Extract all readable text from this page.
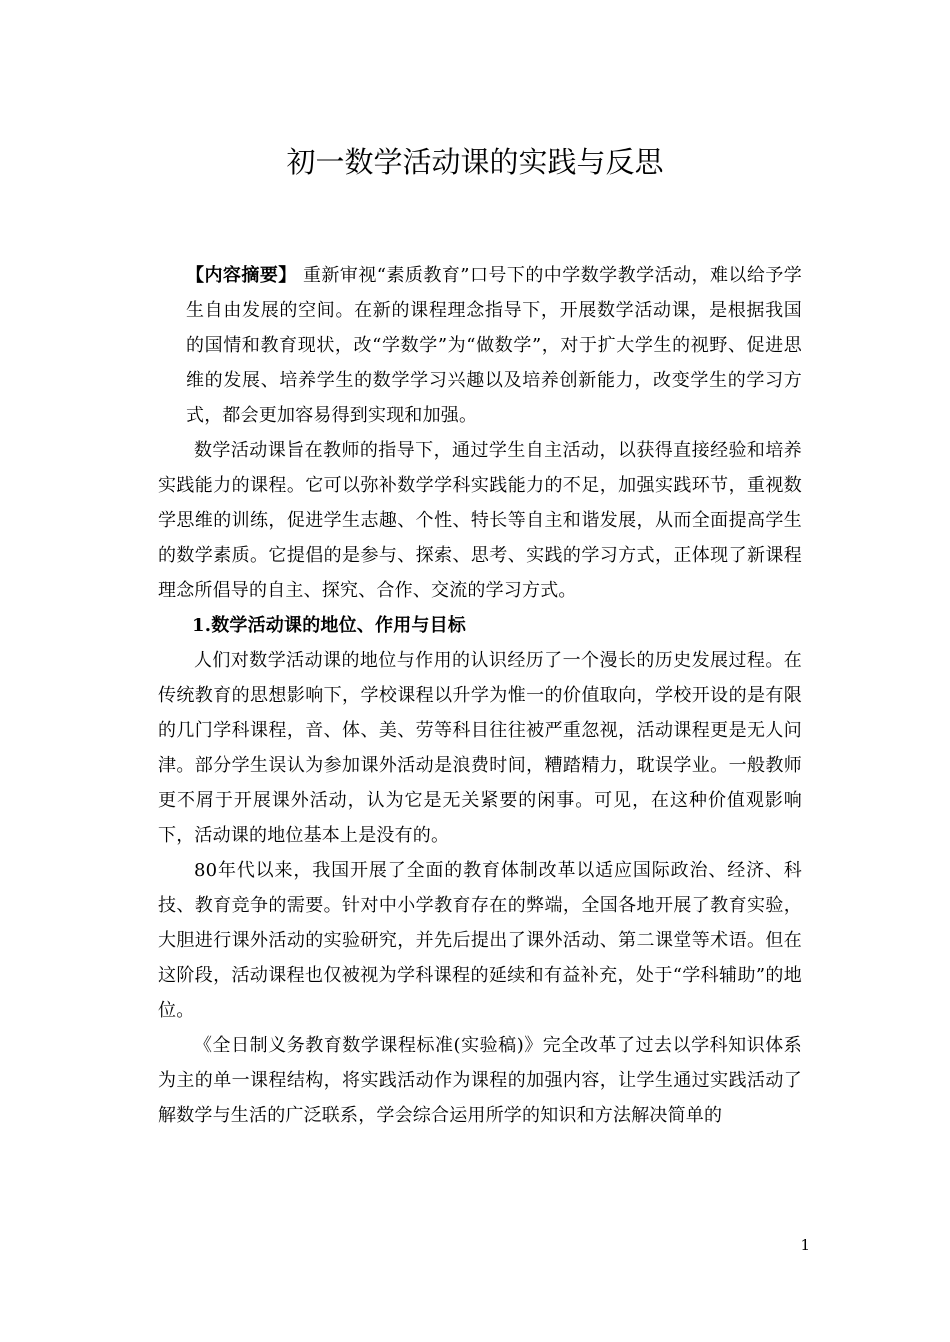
初一数学活动课的实践与反思

【内容摘要】 重新审视“素质教育”口号下的中学数学教学活动，难以给予学生自由发展的空间。在新的课程理念指导下，开展数学活动课，是根据我国的国情和教育现状，改“学数学”为“做数学”，对于扩大学生的视野、促进思维的发展、培养学生的数学学习兴趣以及培养创新能力，改变学生的学习方式，都会更加容易得到实现和加强。

数学活动课旨在教师的指导下，通过学生自主活动，以获得直接经验和培养实践能力的课程。它可以弥补数学学科实践能力的不足，加强实践环节，重视数学思维的训练，促进学生志趣、个性、特长等自主和谐发展，从而全面提高学生的数学素质。它提倡的是参与、探索、思考、实践的学习方式，正体现了新课程理念所倡导的自主、探究、合作、交流的学习方式。

1.数学活动课的地位、作用与目标

人们对数学活动课的地位与作用的认识经历了一个漫长的历史发展过程。在传统教育的思想影响下，学校课程以升学为惟一的价值取向，学校开设的是有限的几门学科课程，音、体、美、劳等科目往往被严重忽视，活动课程更是无人问津。部分学生误认为参加课外活动是浪费时间，糟踏精力，耽误学业。一般教师更不屑于开展课外活动，认为它是无关紧要的闲事。可见，在这种价值观影响下，活动课的地位基本上是没有的。

80年代以来，我国开展了全面的教育体制改革以适应国际政治、经济、科技、教育竞争的需要。针对中小学教育存在的弊端，全国各地开展了教育实验，大胆进行课外活动的实验研究，并先后提出了课外活动、第二课堂等术语。但在这阶段，活动课程也仅被视为学科课程的延续和有益补充，处于“学科辅助”的地位。

《全日制义务教育数学课程标准(实验稿)》完全改革了过去以学科知识体系为主的单一课程结构，将实践活动作为课程的加强内容，让学生通过实践活动了解数学与生活的广泛联系，学会综合运用所学的知识和方法解决简单的

1
